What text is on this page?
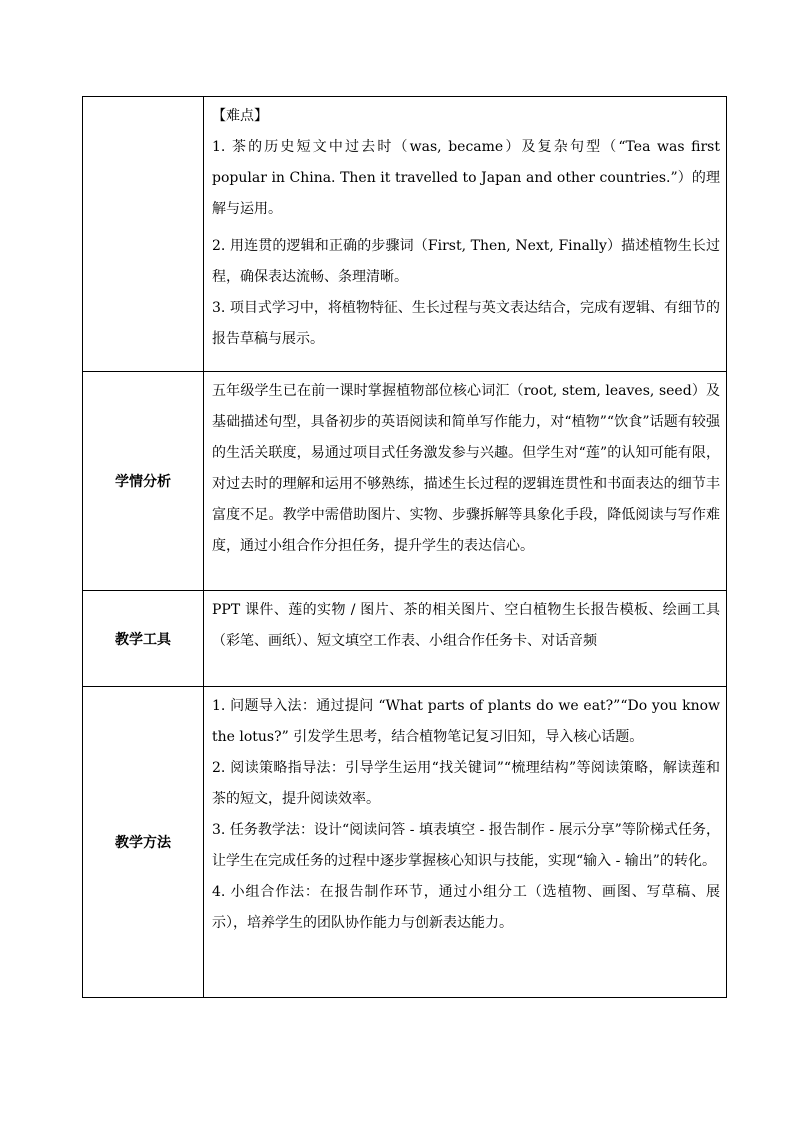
	【难点】

1. 茶的历史短文中过去时（was, became）及复杂句型（“Tea was first popular in China. Then it travelled to Japan and other countries.”）的理解与运用。

2. 用连贯的逻辑和正确的步骤词（First, Then, Next, Finally）描述植物生长过程，确保表达流畅、条理清晰。

3. 项目式学习中，将植物特征、生长过程与英文表达结合，完成有逻辑、有细节的报告草稿与展示。

学情分析	五年级学生已在前一课时掌握植物部位核心词汇（root, stem, leaves, seed）及基础描述句型，具备初步的英语阅读和简单写作能力，对“植物”“饮食”话题有较强的生活关联度，易通过项目式任务激发参与兴趣。但学生对“莲”的认知可能有限，对过去时的理解和运用不够熟练，描述生长过程的逻辑连贯性和书面表达的细节丰富度不足。教学中需借助图片、实物、步骤拆解等具象化手段，降低阅读与写作难度，通过小组合作分担任务，提升学生的表达信心。

教学工具	PPT 课件、莲的实物 / 图片、茶的相关图片、空白植物生长报告模板、绘画工具（彩笔、画纸）、短文填空工作表、小组合作任务卡、对话音频

教学方法	1. 问题导入法：通过提问 “What parts of plants do we eat?”“Do you know the lotus?” 引发学生思考，结合植物笔记复习旧知，导入核心话题。

2. 阅读策略指导法：引导学生运用“找关键词”“梳理结构”等阅读策略，解读莲和茶的短文，提升阅读效率。

3. 任务教学法：设计“阅读问答 - 填表填空 - 报告制作 - 展示分享”等阶梯式任务，让学生在完成任务的过程中逐步掌握核心知识与技能，实现“输入 - 输出”的转化。

4. 小组合作法：在报告制作环节，通过小组分工（选植物、画图、写草稿、展示），培养学生的团队协作能力与创新表达能力。
